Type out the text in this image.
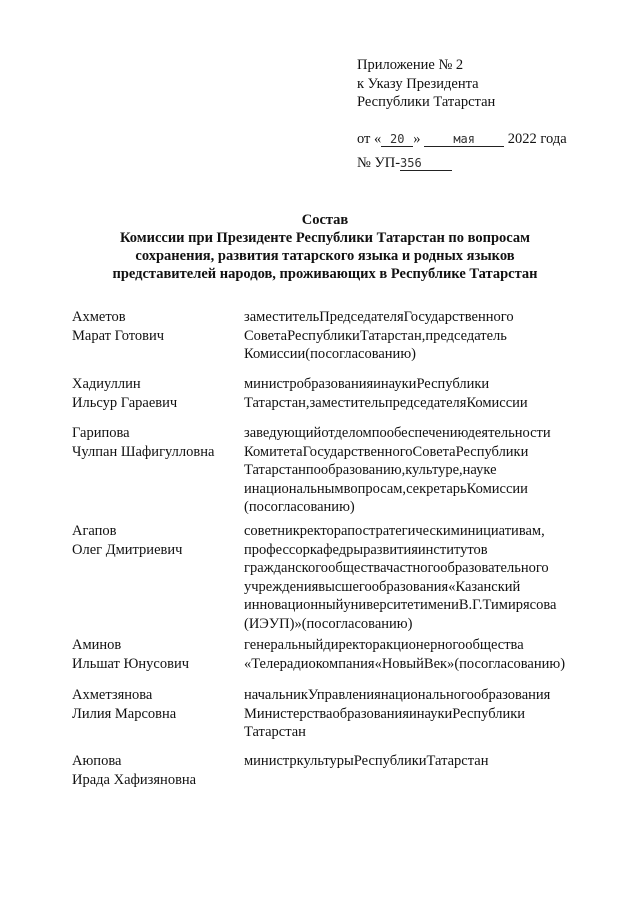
Приложение № 2
к Указу Президента
Республики Татарстан
от « 20 »	мая 2022 года
№ УП-356
Состав
Комиссии при Президенте Республики Татарстан по вопросам
сохранения, развития татарского языка и родных языков
представителей народов, проживающих в Республике Татарстан
Ахметов
Марат Готович
заместительПредседателяГосударственного
СоветаРеспубликиТатарстан,председатель
Комиссии(посогласованию)
Хадиуллин
Ильсур Гараевич
министробразованияинаукиРеспублики
Татарстан,заместительпредседателяКомиссии
Гарипова
Чулпан Шафигулловна
заведующийотделомпообеспечениюдеятельности
КомитетаГосударственногоСоветаРеспублики
Татарстанпообразованию,культуре,науке
инациональнымвопросам,секретарьКомиссии
(посогласованию)
Агапов
Олег Дмитриевич
советникректорапостратегическиминициативам,
профессоркафедрыразвитияинститутов
гражданскогообществачастногообразовательного
учреждениявысшегообразования«Казанский
инновационныйуниверситетимениВ.Г.Тимирясова
(ИЭУП)»(посогласованию)
Аминов
Ильшат Юнусович
генеральныйдиректоракционерногообщества
«Телерадиокомпания«НовыйВек»(посогласованию)
Ахметзянова
Лилия Марсовна
начальникУправлениянациональногообразования
МинистерстваобразованияинаукиРеспублики
Татарстан
Аюпова
Ирада Хафизяновна
министркультурыРеспубликиТатарстан
